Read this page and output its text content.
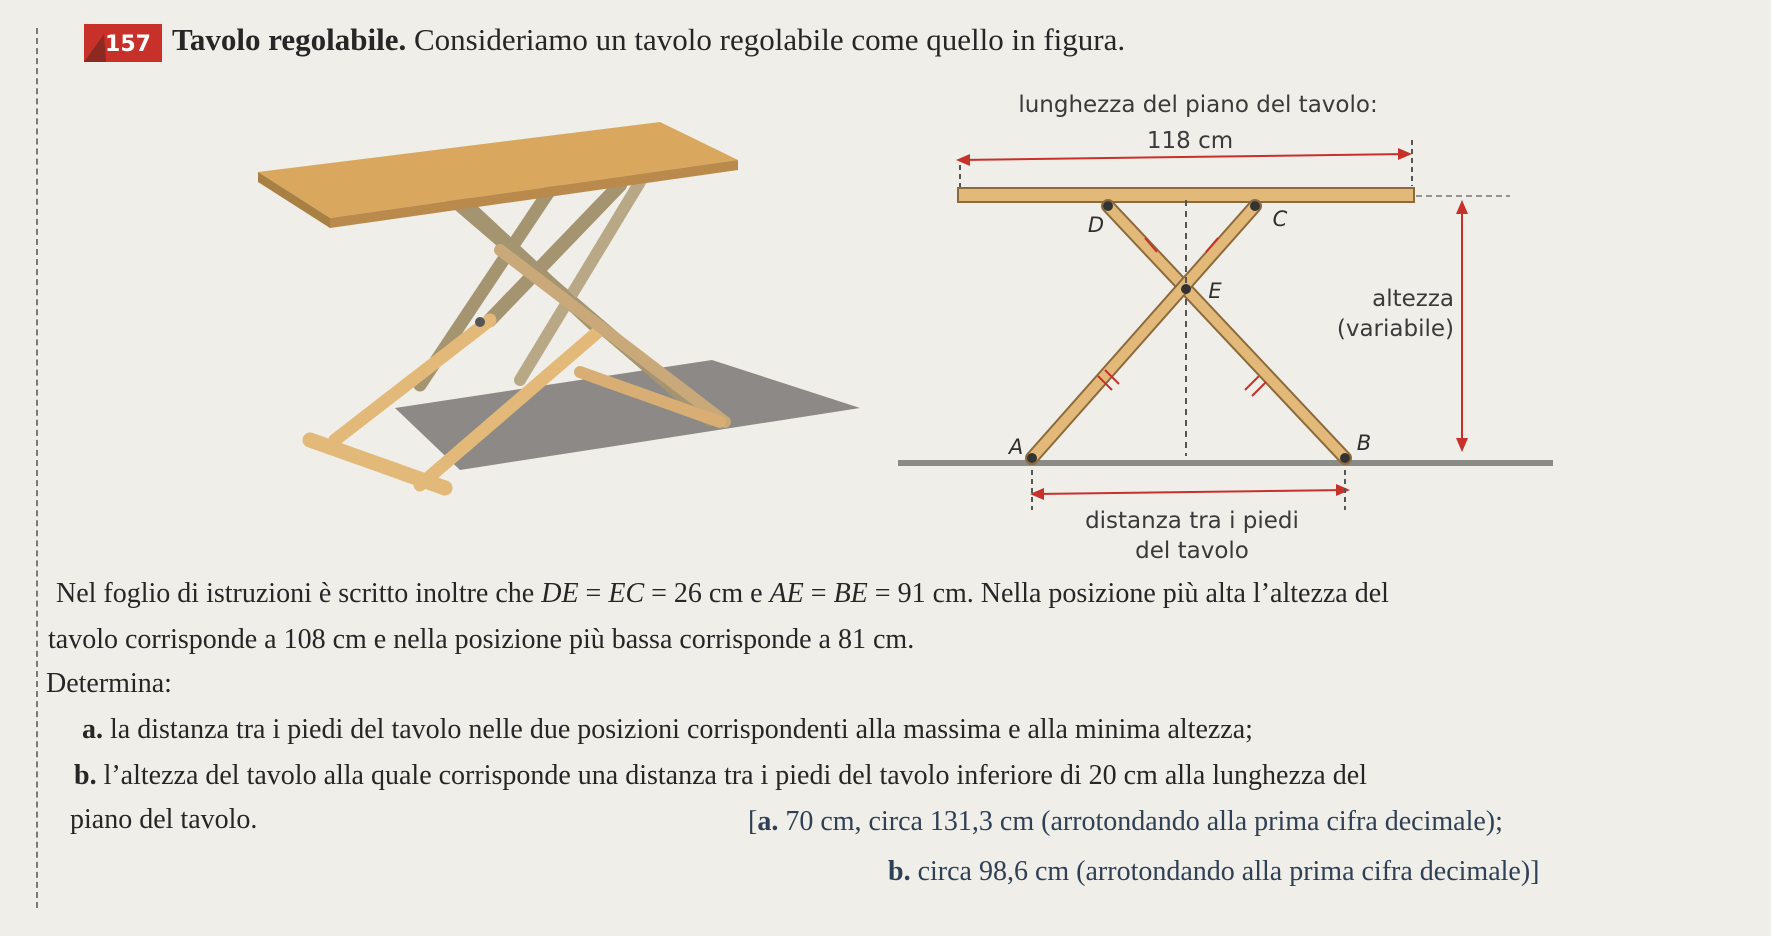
157 Tavolo regolabile. Consideriamo un tavolo regolabile come quello in figura.
lunghezza del piano del tavolo:
118 cm
D	C
E
A	B
altezza
(variabile)
distanza tra i piedi
del tavolo
Nel foglio di istruzioni è scritto inoltre che DE = EC = 26 cm e AE = BE = 91 cm. Nella posizione più alta l’altezza del
tavolo corrisponde a 108 cm e nella posizione più bassa corrisponde a 81 cm.
Determina:
a. la distanza tra i piedi del tavolo nelle due posizioni corrispondenti alla massima e alla minima altezza;
b. l’altezza del tavolo alla quale corrisponde una distanza tra i piedi del tavolo inferiore di 20 cm alla lunghezza del
piano del tavolo.	[a. 70 cm, circa 131,3 cm (arrotondando alla prima cifra decimale);
b. circa 98,6 cm (arrotondando alla prima cifra decimale)]
